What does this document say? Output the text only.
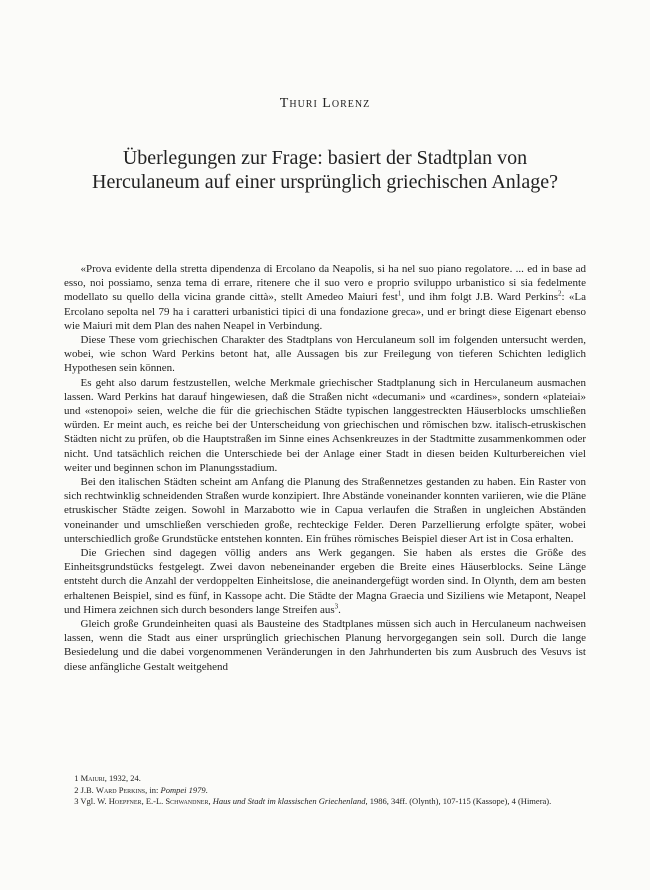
Thuri Lorenz
Überlegungen zur Frage: basiert der Stadtplan von
Herculaneum auf einer ursprünglich griechischen Anlage?

«Prova evidente della stretta dipendenza di Ercolano da Neapolis, si ha nel suo piano regolatore. ... ed in base ad esso, noi possiamo, senza tema di errare, ritenere che il suo vero e proprio sviluppo urbanistico si sia fedelmente modellato su quello della vicina grande città», stellt Amedeo Maiuri fest$^1$, und ihm folgt J.B. Ward Perkins$^2$: «La Ercolano sepolta nel 79 ha i caratteri urbanistici tipici di una fondazione greca», und er bringt diese Eigenart ebenso wie Maiuri mit dem Plan des nahen Neapel in Verbindung.

Diese These vom griechischen Charakter des Stadtplans von Herculaneum soll im folgenden untersucht werden, wobei, wie schon Ward Perkins betont hat, alle Aussagen bis zur Freilegung von tieferen Schichten lediglich Hypothesen sein können.

Es geht also darum festzustellen, welche Merkmale griechischer Stadtplanung sich in Herculaneum ausmachen lassen. Ward Perkins hat darauf hingewiesen, daß die Straßen nicht «decumani» und «cardines», sondern «plateiai» und «stenopoi» seien, welche die für die griechischen Städte typischen langgestreckten Häuserblocks umschließen würden. Er meint auch, es reiche bei der Unterscheidung von griechischen und römischen bzw. italisch-etruskischen Städten nicht zu prüfen, ob die Hauptstraßen im Sinne eines Achsenkreuzes in der Stadtmitte zusammenkommen oder nicht. Und tatsächlich reichen die Unterschiede bei der Anlage einer Stadt in diesen beiden Kulturbereichen viel weiter und beginnen schon im Planungsstadium.

Bei den italischen Städten scheint am Anfang die Planung des Straßennetzes gestanden zu haben. Ein Raster von sich rechtwinklig schneidenden Straßen wurde konzipiert. Ihre Abstände voneinander konnten variieren, wie die Pläne etruskischer Städte zeigen. Sowohl in Marzabotto wie in Capua verlaufen die Straßen in ungleichen Abständen voneinander und umschließen verschieden große, rechteckige Felder. Deren Parzellierung erfolgte später, wobei unterschiedlich große Grundstücke entstehen konnten. Ein frühes römisches Beispiel dieser Art ist in Cosa erhalten.

Die Griechen sind dagegen völlig anders ans Werk gegangen. Sie haben als erstes die Größe des Einheitsgrundstücks festgelegt. Zwei davon nebeneinander ergeben die Breite eines Häuserblocks. Seine Länge entsteht durch die Anzahl der verdoppelten Einheitslose, die aneinandergefügt worden sind. In Olynth, dem am besten erhaltenen Beispiel, sind es fünf, in Kassope acht. Die Städte der Magna Graecia und Siziliens wie Metapont, Neapel und Himera zeichnen sich durch besonders lange Streifen aus$^3$.

Gleich große Grundeinheiten quasi als Bausteine des Stadtplanes müssen sich auch in Herculaneum nachweisen lassen, wenn die Stadt aus einer ursprünglich griechischen Planung hervorgegangen sein soll. Durch die lange Besiedelung und die dabei vorgenommenen Veränderungen in den Jahrhunderten bis zum Ausbruch des Vesuvs ist diese anfängliche Gestalt weitgehend

1 Maiuri, 1932, 24.
2 J.B. Ward Perkins, in: Pompei 1979.
3 Vgl. W. Hoepfner, E.-L. Schwandner, Haus und Stadt im klassischen Griechenland, 1986, 34ff. (Olynth), 107-115 (Kassope), 4 (Himera).
